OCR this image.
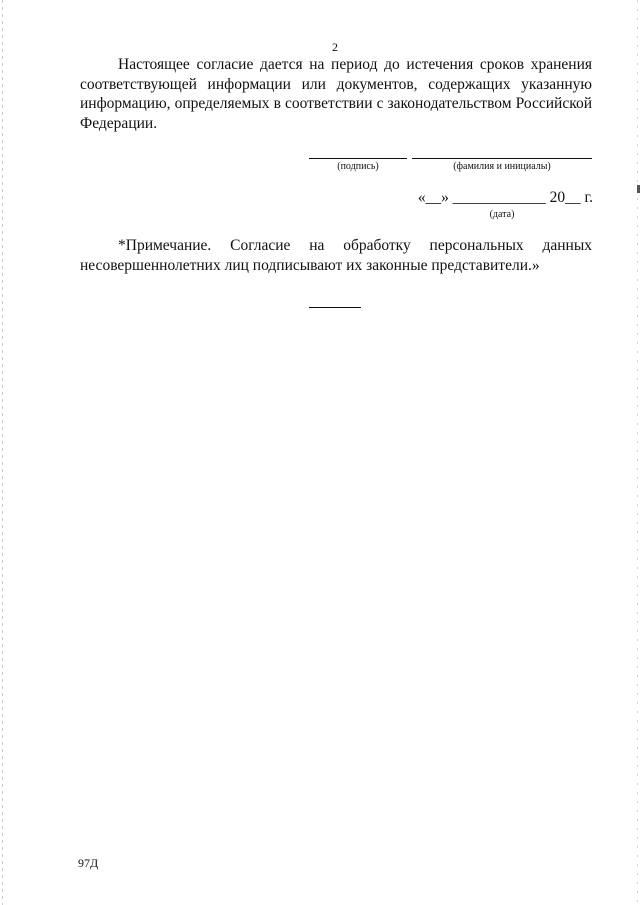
2

Настоящее согласие дается на период до истечения сроков хранения соответствующей информации или документов, содержащих указанную информацию, определяемых в соответствии с законодательством Российской Федерации.

(подпись)	(фамилия и инициалы)
«__» ____________ 20__ г.
(дата)

*Примечание. Согласие на обработку персональных данных несовершеннолетних лиц подписывают их законные представители.»

97Д
